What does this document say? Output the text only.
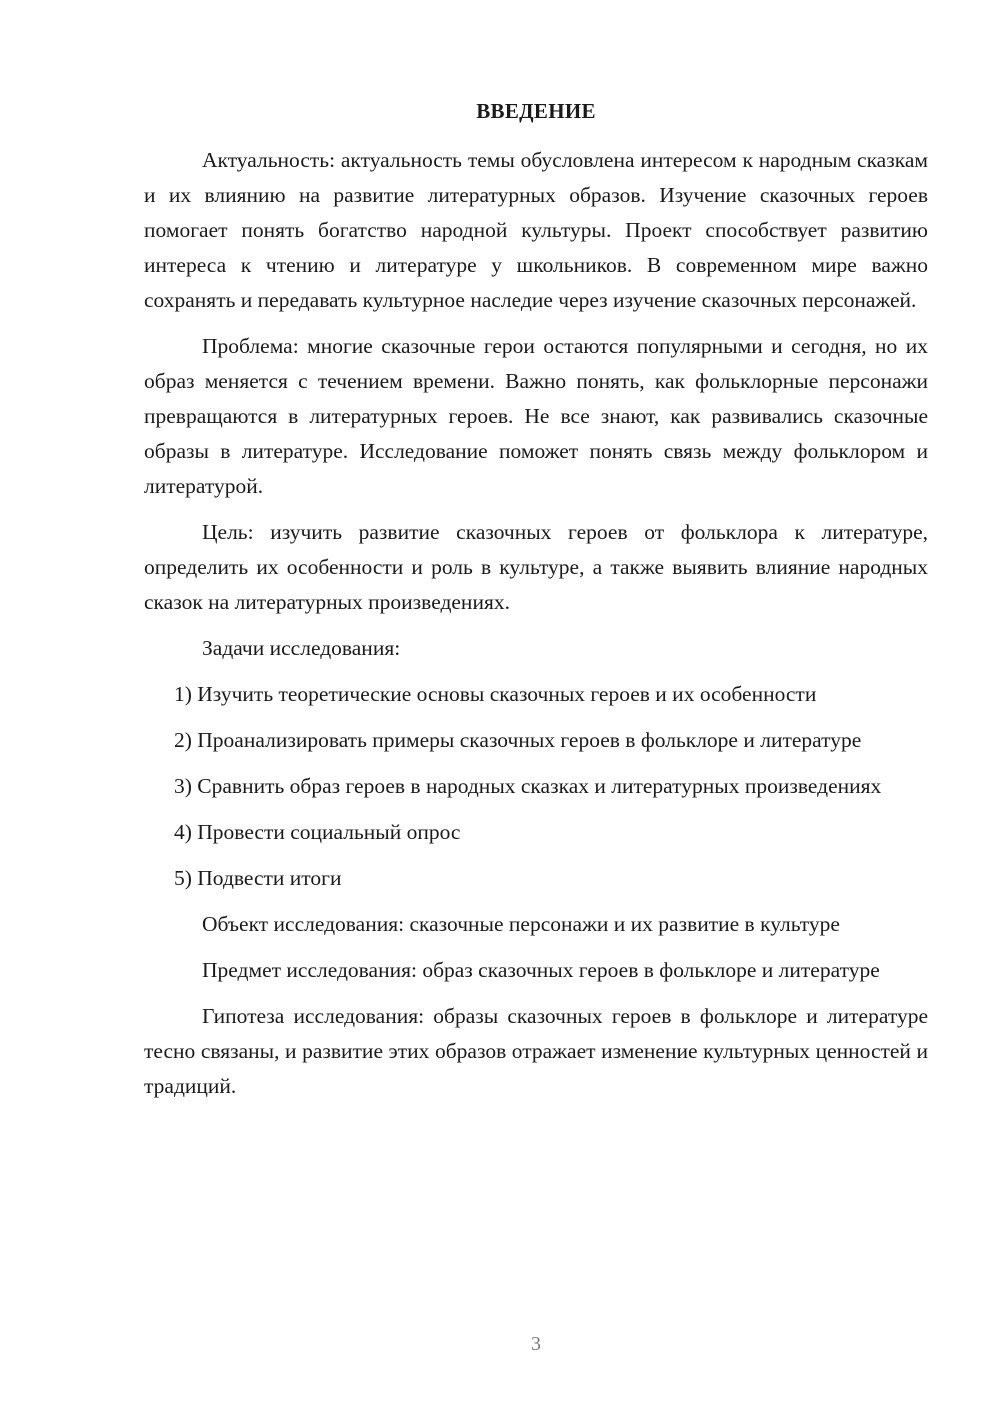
ВВЕДЕНИЕ

Актуальность: актуальность темы обусловлена интересом к народным сказкам и их влиянию на развитие литературных образов. Изучение сказочных героев помогает понять богатство народной культуры. Проект способствует развитию интереса к чтению и литературе у школьников. В современном мире важно сохранять и передавать культурное наследие через изучение сказочных персонажей.

Проблема: многие сказочные герои остаются популярными и сегодня, но их образ меняется с течением времени. Важно понять, как фольклорные персонажи превращаются в литературных героев. Не все знают, как развивались сказочные образы в литературе. Исследование поможет понять связь между фольклором и литературой.

Цель: изучить развитие сказочных героев от фольклора к литературе, определить их особенности и роль в культуре, а также выявить влияние народных сказок на литературных произведениях.

Задачи исследования:

1) Изучить теоретические основы сказочных героев и их особенности

2) Проанализировать примеры сказочных героев в фольклоре и литературе

3) Сравнить образ героев в народных сказках и литературных произведениях

4) Провести социальный опрос

5) Подвести итоги

Объект исследования: сказочные персонажи и их развитие в культуре

Предмет исследования: образ сказочных героев в фольклоре и литературе

Гипотеза исследования: образы сказочных героев в фольклоре и литературе тесно связаны, и развитие этих образов отражает изменение культурных ценностей и традиций.

3
